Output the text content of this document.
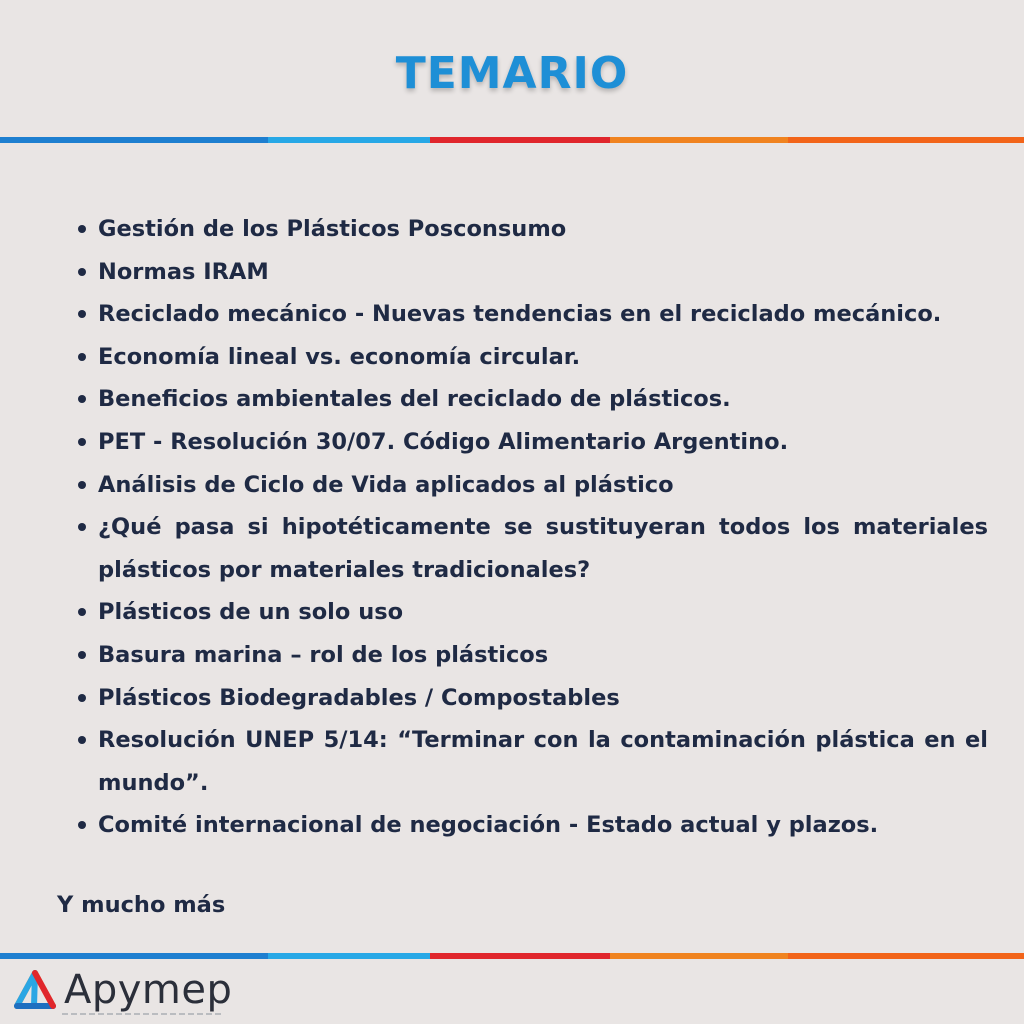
TEMARIO
Gestión de los Plásticos Posconsumo
Normas IRAM
Reciclado mecánico - Nuevas tendencias en el reciclado mecánico.
Economía lineal vs. economía circular.
Beneficios ambientales del reciclado de plásticos.
PET - Resolución 30/07. Código Alimentario Argentino.
Análisis de Ciclo de Vida aplicados al plástico
¿Qué pasa si hipotéticamente se sustituyeran todos los materiales plásticos por materiales tradicionales?
Plásticos de un solo uso
Basura marina – rol de los plásticos
Plásticos Biodegradables / Compostables
Resolución UNEP 5/14: “Terminar con la contaminación plástica en el mundo”.
Comité internacional de negociación - Estado actual y plazos.
Y mucho más
Apymep
